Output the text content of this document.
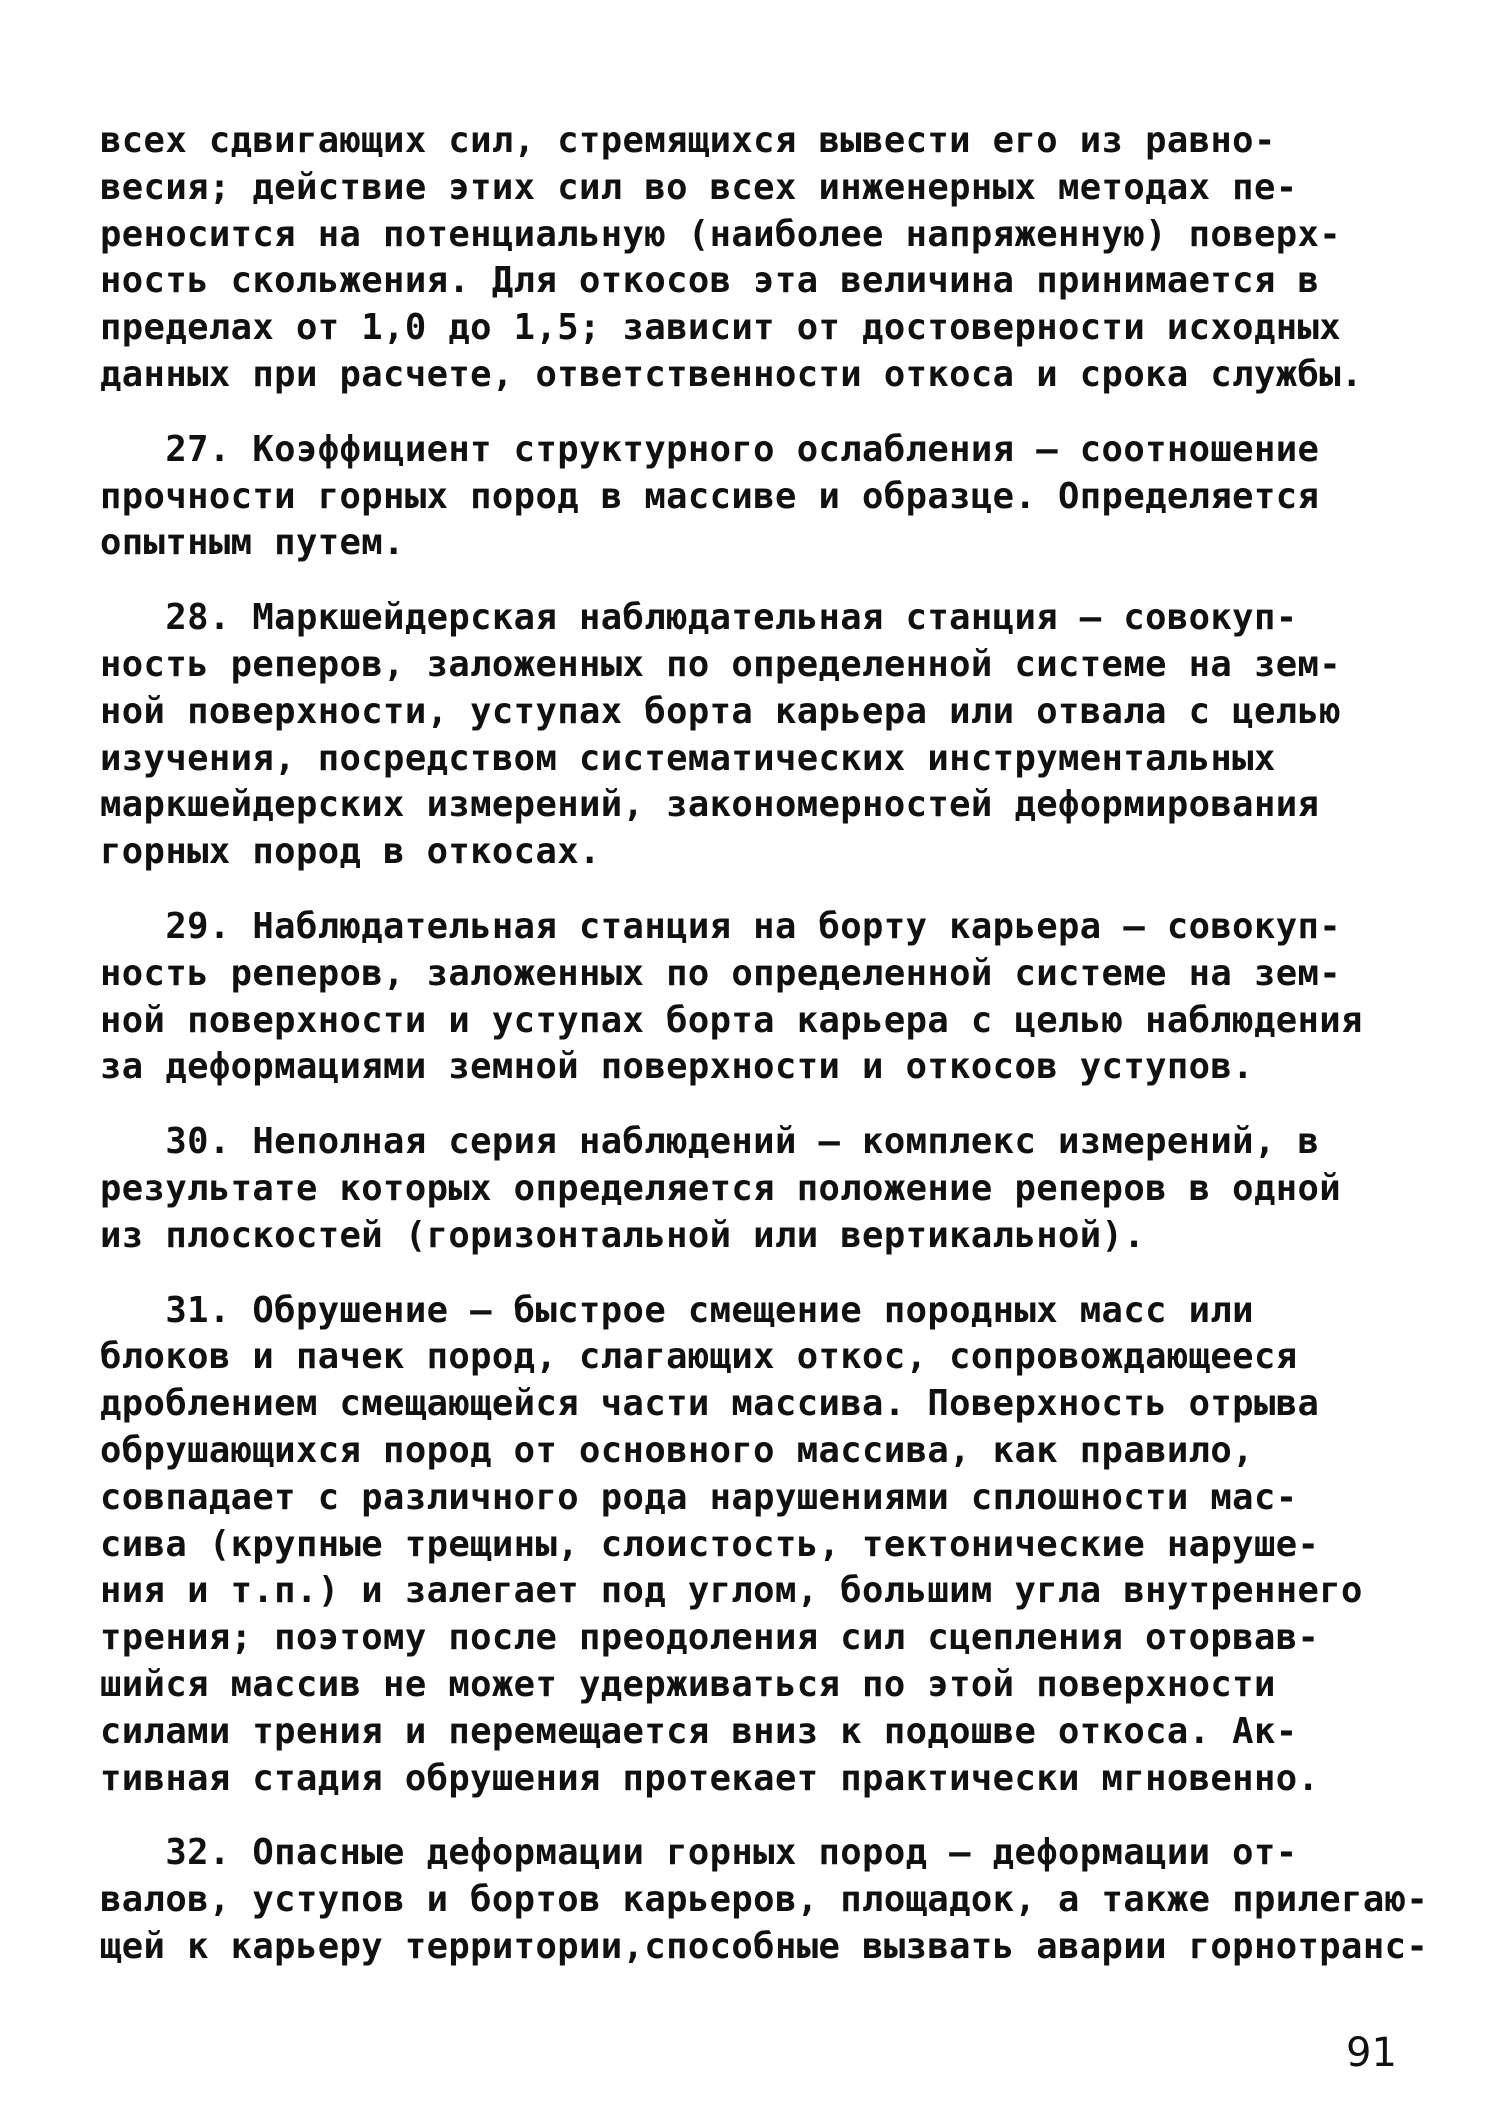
всех сдвигающих сил, стремящихся вывести его из равно-
весия; действие этих сил во всех инженерных методах пе-
реносится на потенциальную (наиболее напряженную) поверх-
ность скольжения. Для откосов эта величина принимается в
пределах от 1,0 до 1,5; зависит от достоверности исходных
данных при расчете, ответственности откоса и срока службы.
27. Коэффициент структурного ослабления – соотношение
прочности горных пород в массиве и образце. Определяется
опытным путем.
28. Маркшейдерская наблюдательная станция – совокуп-
ность реперов, заложенных по определенной системе на зем-
ной поверхности, уступах борта карьера или отвала с целью
изучения, посредством систематических инструментальных
маркшейдерских измерений, закономерностей деформирования
горных пород в откосах.
29. Наблюдательная станция на борту карьера – совокуп-
ность реперов, заложенных по определенной системе на зем-
ной поверхности и уступах борта карьера с целью наблюдения
за деформациями земной поверхности и откосов уступов.
30. Неполная серия наблюдений – комплекс измерений, в
результате которых определяется положение реперов в одной
из плоскостей (горизонтальной или вертикальной).
31. Обрушение – быстрое смещение породных масс или
блоков и пачек пород, слагающих откос, сопровождающееся
дроблением смещающейся части массива. Поверхность отрыва
обрушающихся пород от основного массива, как правило,
совпадает с различного рода нарушениями сплошности мас-
сива (крупные трещины, слоистость, тектонические наруше-
ния и т.п.) и залегает под углом, большим угла внутреннего
трения; поэтому после преодоления сил сцепления оторвав-
шийся массив не может удерживаться по этой поверхности
силами трения и перемещается вниз к подошве откоса. Ак-
тивная стадия обрушения протекает практически мгновенно.
32. Опасные деформации горных пород – деформации от-
валов, уступов и бортов карьеров, площадок, а также прилегаю-
щей к карьеру территории,способные вызвать аварии горнотранс-
91
